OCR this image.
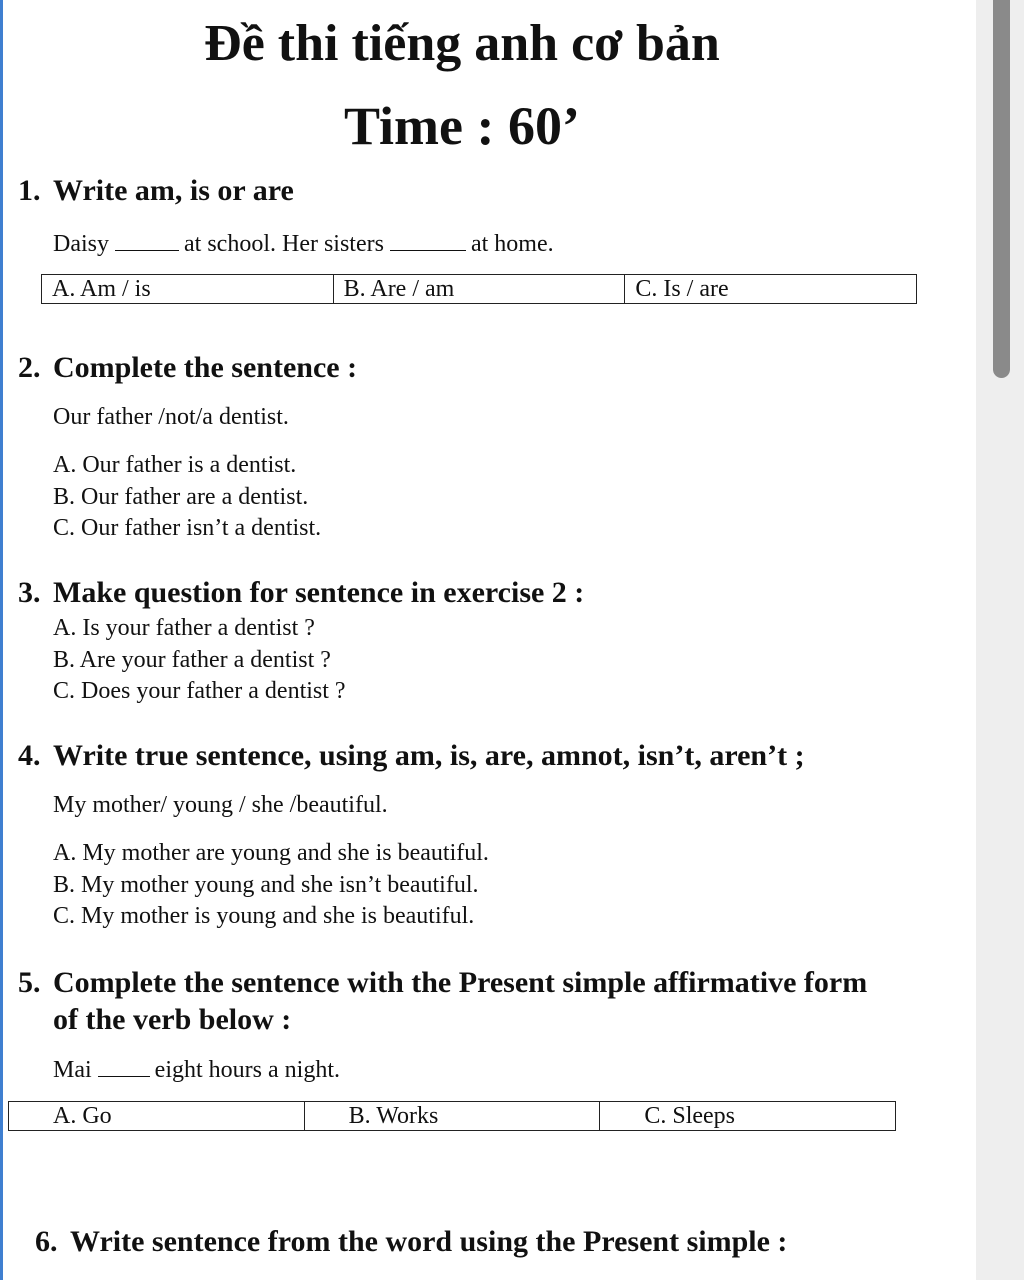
Đề thi tiếng anh cơ bản
Time : 60’
1. Write am, is or are
Daisy	at school. Her sisters	at home.
A. Am / is	B. Are / am	C. Is / are
2. Complete the sentence :
Our father /not/a dentist.
A. Our father is a dentist.
B. Our father are a dentist.
C. Our father isn’t a dentist.
3. Make question for sentence in exercise 2 :
A. Is your father a dentist ?
B. Are your father a dentist ?
C. Does your father a dentist ?
4. Write true sentence, using am, is, are, amnot, isn’t, aren’t ;
My mother/ young / she /beautiful.
A. My mother are young and she is beautiful.
B. My mother young and she isn’t beautiful.
C. My mother is young and she is beautiful.
5. Complete the sentence with the Present simple affirmative form
of the verb below :
Mai	eight hours a night.
A. Go	B. Works	C. Sleeps
6. Write sentence from the word using the Present simple :
